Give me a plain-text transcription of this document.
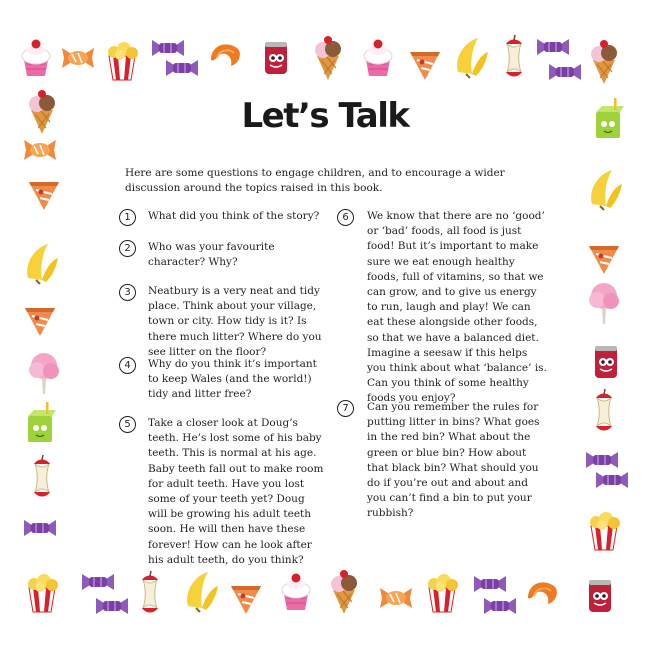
Let’s Talk

Here are some questions to engage children, and to encourage a wider discussion around the topics raised in this book.

1	What did you think of the story?

2	Who was your favourite character? Why?

3	Neatbury is a very neat and tidy place. Think about your village, town or city. How tidy is it? Is there much litter? Where do you see litter on the floor?

4	Why do you think it’s important to keep Wales (and the world!) tidy and litter free?

5	Take a closer look at Doug’s teeth. He’s lost some of his baby teeth. This is normal at his age. Baby teeth fall out to make room for adult teeth. Have you lost some of your teeth yet? Doug will be growing his adult teeth soon. He will then have these forever! How can he look after his adult teeth, do you think?

6	We know that there are no ‘good’ or ‘bad’ foods, all food is just food! But it’s important to make sure we eat enough healthy foods, full of vitamins, so that we can grow, and to give us energy to run, laugh and play! We can eat these alongside other foods, so that we have a balanced diet. Imagine a seesaw if this helps you think about what ‘balance’ is. Can you think of some healthy foods you enjoy?

7	Can you remember the rules for putting litter in bins? What goes in the red bin? What about the green or blue bin? How about that black bin? What should you do if you’re out and about and you can’t find a bin to put your rubbish?
